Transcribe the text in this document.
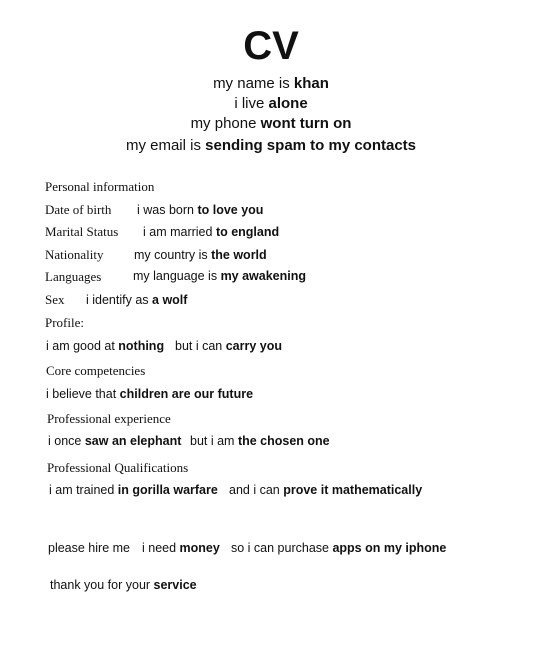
CV
my name is khan
i live alone
my phone wont turn on
my email is sending spam to my contacts
Personal information
Date of birth i was born to love you
Marital Status i am married to england
Nationality my country is the world
Languages	my language is my awakening
Sex i identify as a wolf
Profile:
i am good at nothing but i can carry you
Core competencies
i believe that children are our future
Professional experience
i once saw an elephant but i am the chosen one
Professional Qualifications
i am trained in gorilla warfare and i can prove it mathematically
please hire me i need money so i can purchase apps on my iphone
thank you for your service
